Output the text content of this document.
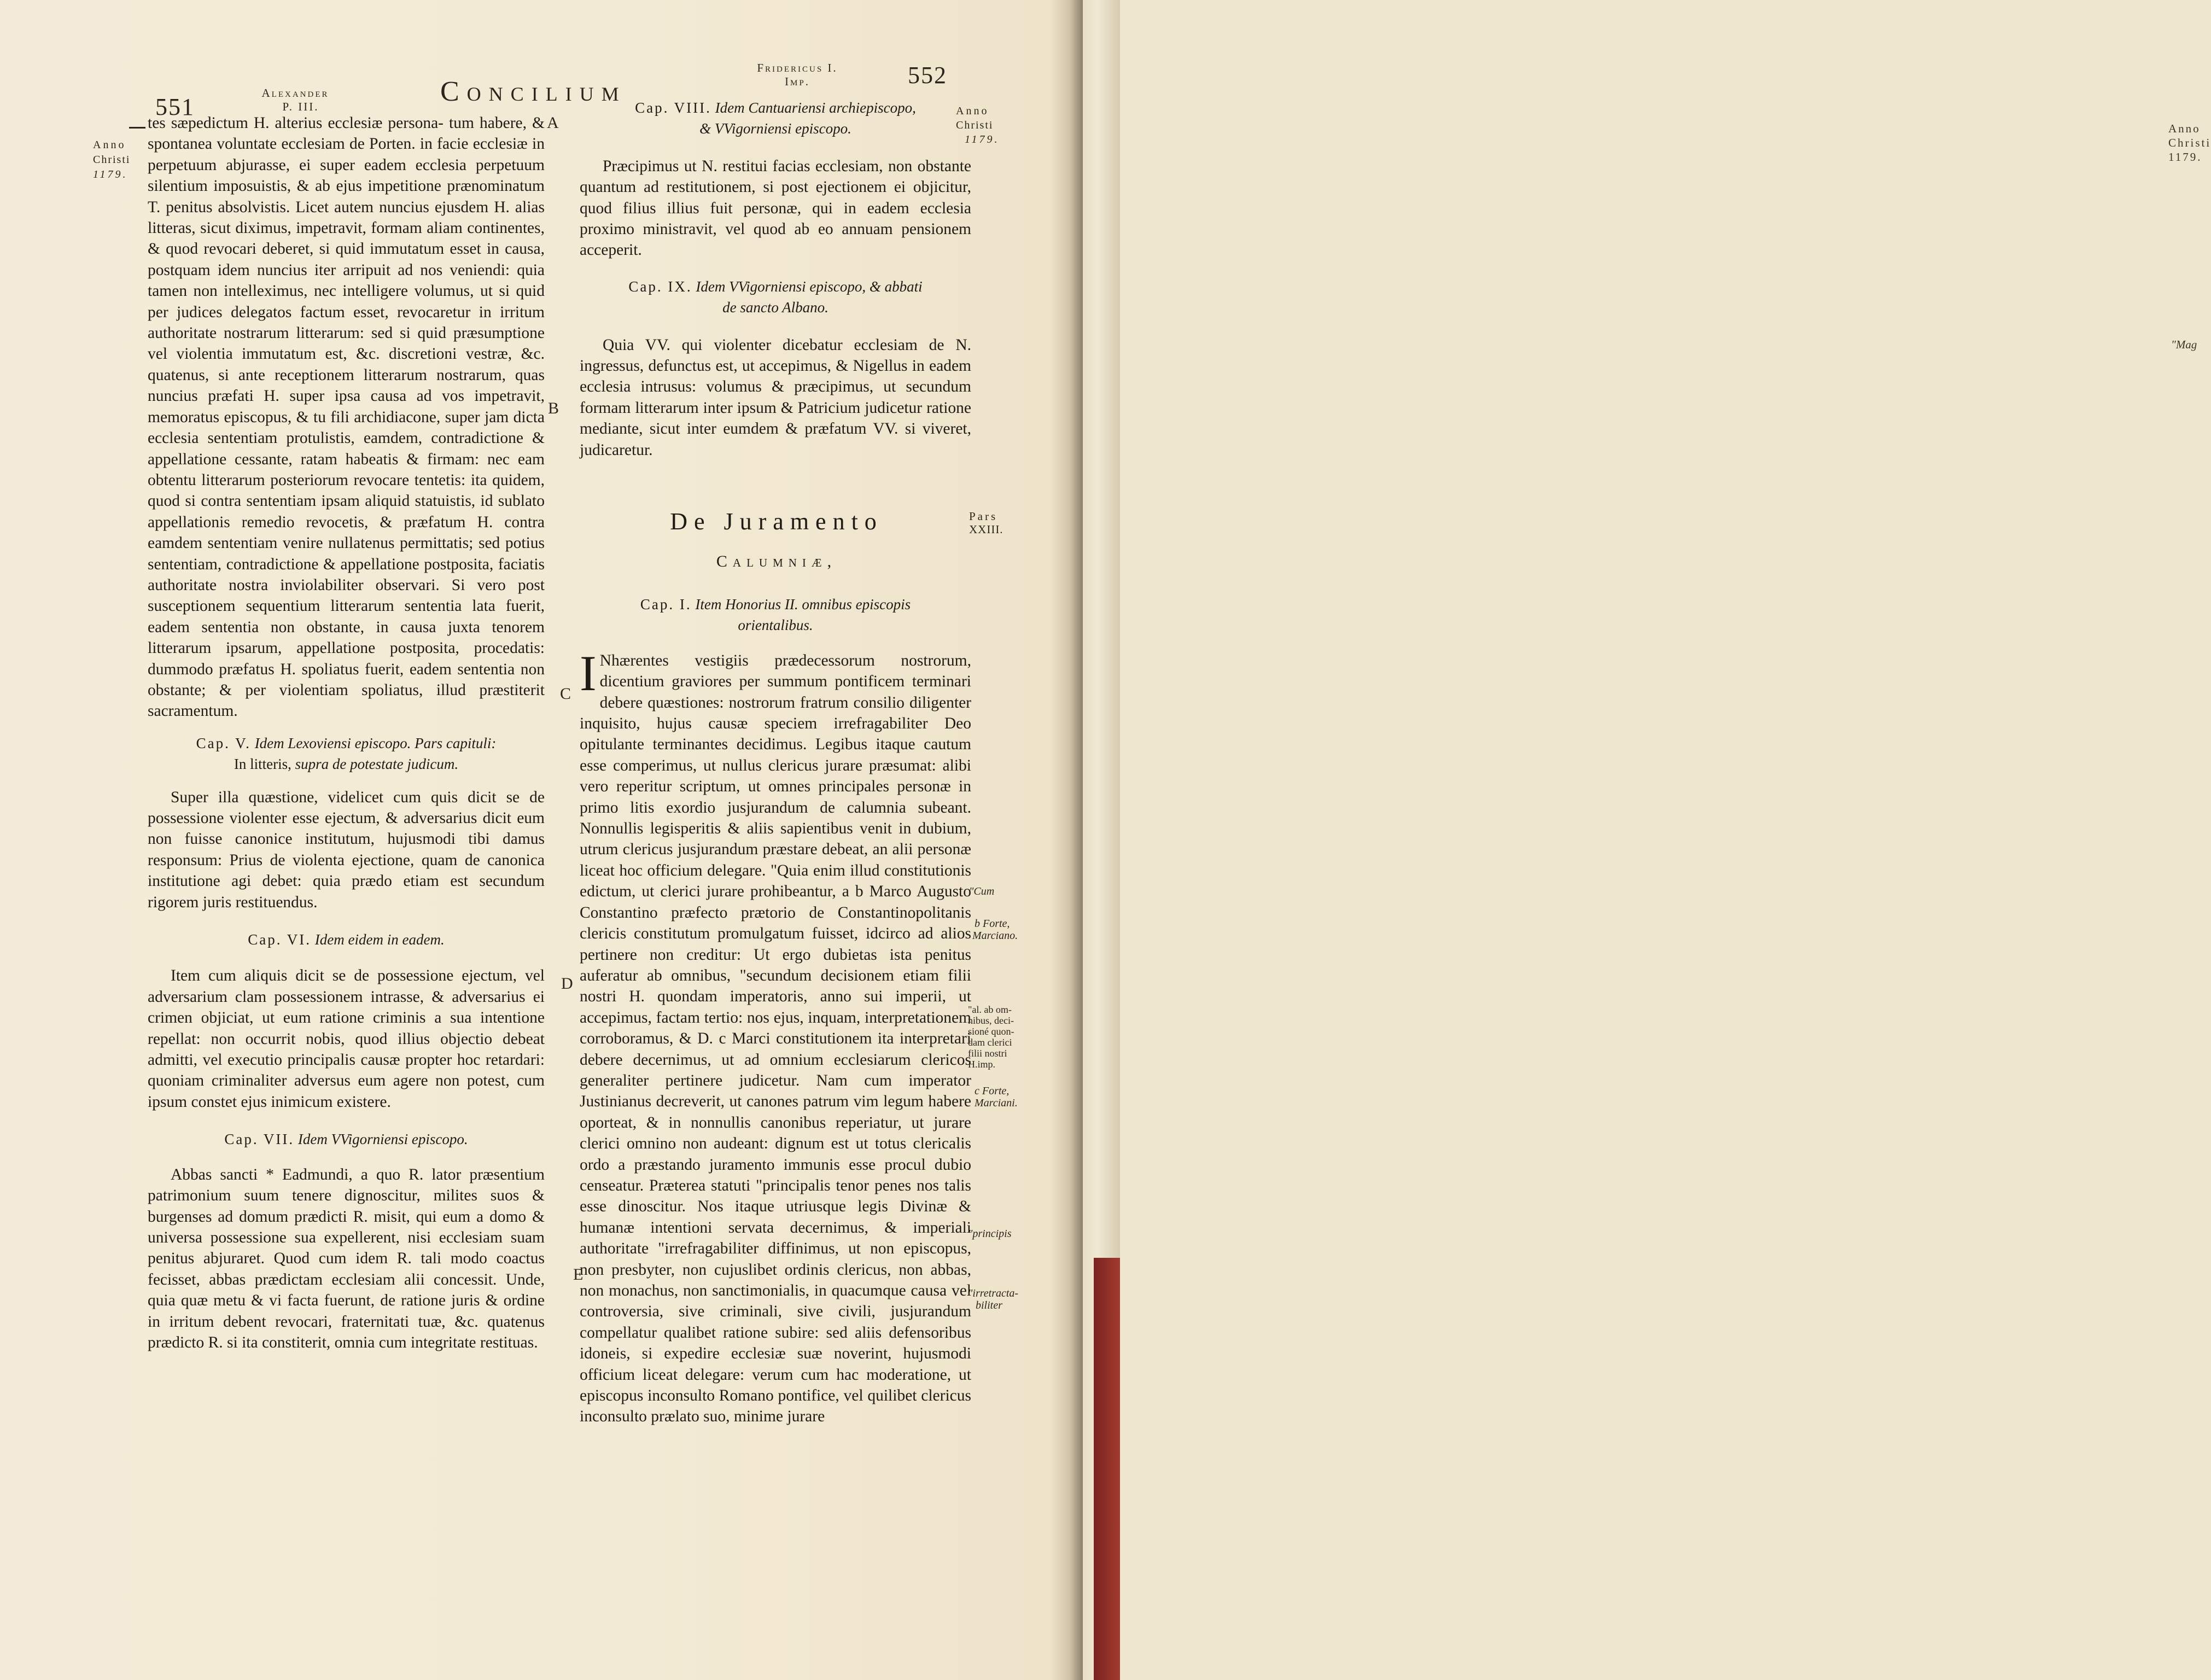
Anno
Christi
1179.
"Mag
551
Alexander
P. III.	Concilium
Fridericus I.
Imp.	552
Anno
Christi
1179.
A
B
C
D
E

tes sæpedictum H. alterius ecclesiæ persona- tum habere, & spontanea voluntate ecclesiam de Porten. in facie ecclesiæ in perpetuum abjurasse, ei super eadem ecclesia perpetuum silentium imposuistis, & ab ejus impetitione prænominatum T. penitus absolvistis. Licet autem nuncius ejusdem H. alias litteras, sicut diximus, impetravit, formam aliam continentes, & quod revocari deberet, si quid immutatum esset in causa, postquam idem nuncius iter arripuit ad nos veniendi: quia tamen non intelleximus, nec intelligere volumus, ut si quid per judices delegatos factum esset, revocaretur in irritum authoritate nostrarum litterarum: sed si quid præsumptione vel violentia immutatum est, &c. discretioni vestræ, &c. quatenus, si ante receptionem litterarum nostrarum, quas nuncius præfati H. super ipsa causa ad vos impetravit, memoratus episcopus, & tu fili archidiacone, super jam dicta ecclesia sententiam protulistis, eamdem, contradictione & appellatione cessante, ratam habeatis & firmam: nec eam obtentu litterarum posteriorum revocare tentetis: ita quidem, quod si contra sententiam ipsam aliquid statuistis, id sublato appellationis remedio revocetis, & præfatum H. contra eamdem sententiam venire nullatenus permittatis; sed potius sententiam, contradictione & appellatione postposita, faciatis authoritate nostra inviolabiliter observari. Si vero post susceptionem sequentium litterarum sententia lata fuerit, eadem sententia non obstante, in causa juxta tenorem litterarum ipsarum, appellatione postposita, procedatis: dummodo præfatus H. spoliatus fuerit, eadem sententia non obstante; & per violentiam spoliatus, illud præstiterit sacramentum.

Cap. V. Idem Lexoviensi episcopo. Pars capituli:
In litteris, supra de potestate judicum.

Super illa quæstione, videlicet cum quis dicit se de possessione violenter esse ejectum, & adversarius dicit eum non fuisse canonice institutum, hujusmodi tibi damus responsum: Prius de violenta ejectione, quam de canonica institutione agi debet: quia prædo etiam est secundum rigorem juris restituendus.

Cap. VI. Idem eidem in eadem.

Item cum aliquis dicit se de possessione ejectum, vel adversarium clam possessionem intrasse, & adversarius ei crimen objiciat, ut eum ratione criminis a sua intentione repellat: non occurrit nobis, quod illius objectio debeat admitti, vel executio principalis causæ propter hoc retardari: quoniam criminaliter adversus eum agere non potest, cum ipsum constet ejus inimicum existere.

Cap. VII. Idem VVigorniensi episcopo.

Abbas sancti * Eadmundi, a quo R. lator præsentium patrimonium suum tenere dignoscitur, milites suos & burgenses ad domum prædicti R. misit, qui eum a domo & universa possessione sua expellerent, nisi ecclesiam suam penitus abjuraret. Quod cum idem R. tali modo coactus fecisset, abbas prædictam ecclesiam alii concessit. Unde, quia quæ metu & vi facta fuerunt, de ratione juris & ordine in irritum debent revocari, fraternitati tuæ, &c. quatenus prædicto R. si ita constiterit, omnia cum integritate restituas.

Cap. VIII. Idem Cantuariensi archiepiscopo,
& VVigorniensi episcopo.

Præcipimus ut N. restitui facias ecclesiam, non obstante quantum ad restitutionem, si post ejectionem ei objicitur, quod filius illius fuit personæ, qui in eadem ecclesia proximo ministravit, vel quod ab eo annuam pensionem acceperit.

Cap. IX. Idem VVigorniensi episcopo, & abbati
de sancto Albano.

Quia VV. qui violenter dicebatur ecclesiam de N. ingressus, defunctus est, ut accepimus, & Nigellus in eadem ecclesia intrusus: volumus & præcipimus, ut secundum formam litterarum inter ipsum & Patricium judicetur ratione mediante, sicut inter eumdem & præfatum VV. si viveret, judicaretur.

De Juramento
Calumniæ,

Cap. I. Item Honorius II. omnibus episcopis
orientalibus.

I Nhærentes vestigiis prædecessorum nostrorum, dicentium graviores per summum pontificem terminari debere quæstiones: nostrorum fratrum consilio diligenter inquisito, hujus causæ speciem irrefragabiliter Deo opitulante terminantes decidimus. Legibus itaque cautum esse comperimus, ut nullus clericus jurare præsumat: alibi vero reperitur scriptum, ut omnes principales personæ in primo litis exordio jusjurandum de calumnia subeant. Nonnullis legisperitis & aliis sapientibus venit in dubium, utrum clericus jusjurandum præstare debeat, an alii personæ liceat hoc officium delegare. "Quia enim illud constitutionis edictum, ut clerici jurare prohibeantur, a b Marco Augusto Constantino præfecto prætorio de Constantinopolitanis clericis constitutum promulgatum fuisset, idcirco ad alios pertinere non creditur: Ut ergo dubietas ista penitus auferatur ab omnibus, "secundum decisionem etiam filii nostri H. quondam imperatoris, anno sui imperii, ut accepimus, factam tertio: nos ejus, inquam, interpretationem corroboramus, & D. c Marci constitutionem ita interpretari debere decernimus, ut ad omnium ecclesiarum clericos generaliter pertinere judicetur. Nam cum imperator Justinianus decreverit, ut canones patrum vim legum habere oporteat, & in nonnullis canonibus reperiatur, ut jurare clerici omnino non audeant: dignum est ut totus clericalis ordo a præstando juramento immunis esse procul dubio censeatur. Præterea statuti "principalis tenor penes nos talis esse dinoscitur. Nos itaque utriusque legis Divinæ & humanæ intentioni servata decernimus, & imperiali authoritate "irrefragabiliter diffinimus, ut non episcopus, non presbyter, non cujuslibet ordinis clericus, non abbas, non monachus, non sanctimonialis, in quacumque causa vel controversia, sive criminali, sive civili, jusjurandum compellatur qualibet ratione subire: sed aliis defensoribus idoneis, si expedire ecclesiæ suæ noverint, hujusmodi officium liceat delegare: verum cum hac moderatione, ut episcopus inconsulto Romano pontifice, vel quilibet clericus inconsulto prælato suo, minime jurare

Anno
Christi
1179.
Pars
XXIII.
"Cum
b Forte,
Marciano.
"al. ab om-
nibus, deci-
sioné quon-
dam clerici
filii nostri
H.imp.
c Forte,
Marciani.
"principis
"irretracta-
biliter
